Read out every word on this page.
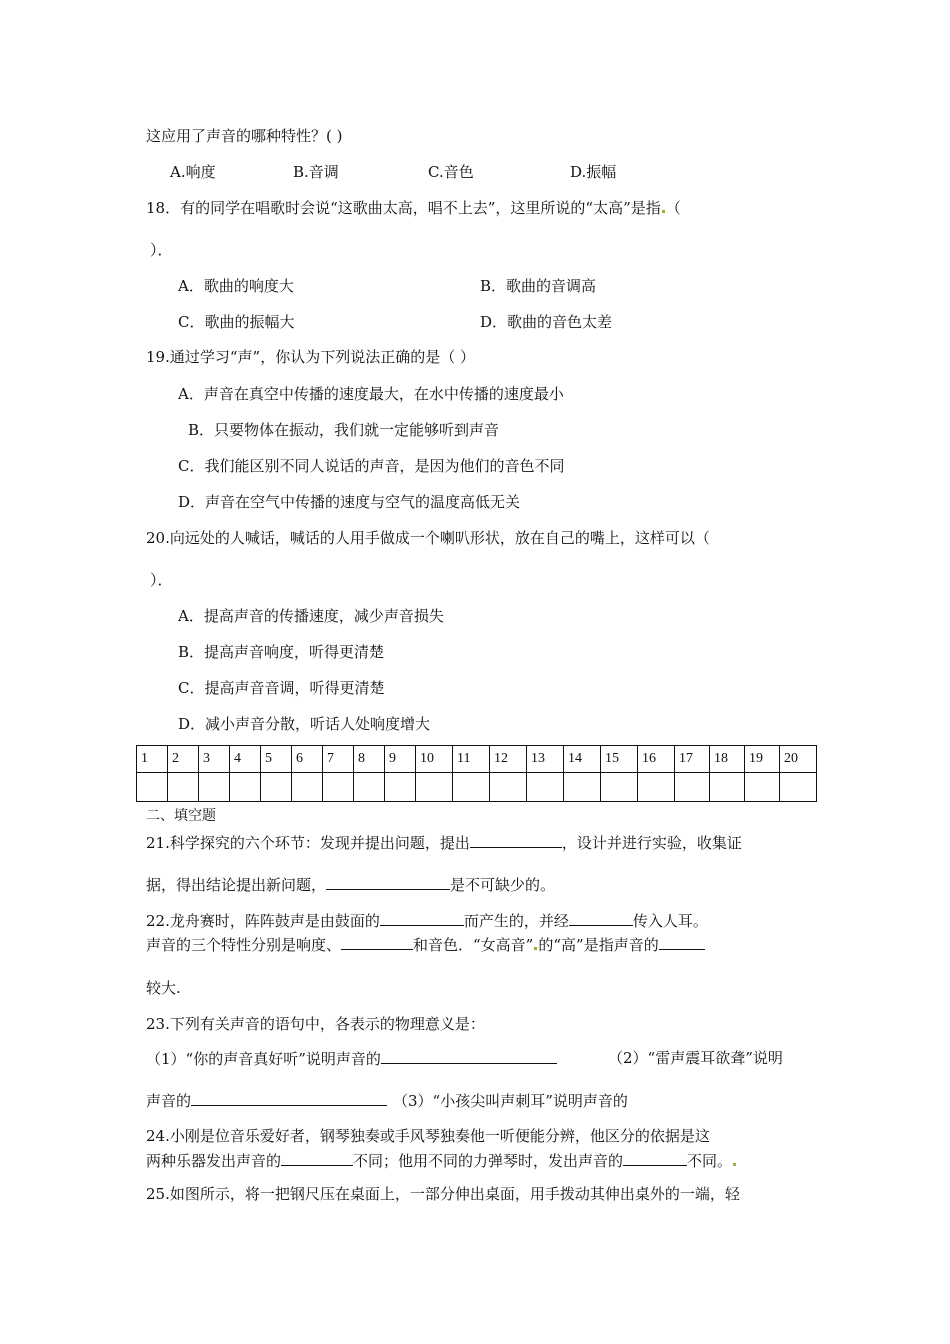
这应用了声音的哪种特性？( )
A.响度	B.音调	C.音色	D.振幅
18．有的同学在唱歌时会说“这歌曲太高，唱不上去”，这里所说的“太高”是指 （
）．
A．歌曲的响度大	B．歌曲的音调高
C．歌曲的振幅大	D．歌曲的音色太差
19.通过学习“声”，你认为下列说法正确的是（ ）
A．声音在真空中传播的速度最大，在水中传播的速度最小
B．只要物体在振动，我们就一定能够听到声音
C．我们能区别不同人说话的声音，是因为他们的音色不同
D．声音在空气中传播的速度与空气的温度高低无关
20.向远处的人喊话，喊话的人用手做成一个喇叭形状，放在自己的嘴上，这样可以（
）．
A．提高声音的传播速度，减少声音损失
B．提高声音响度，听得更清楚
C．提高声音音调，听得更清楚
D．减小声音分散，听话人处响度增大
1	2	3	4	5	6	7	8	9	10	11	12	13	14	15	16	17	18	19	20

二、填空题
21.科学探究的六个环节：发现并提出问题，提出	，设计并进行实验，收集证
据，得出结论提出新问题，	是不可缺少的。
22.龙舟赛时，阵阵鼓声是由鼓面的	而产生的，并经	传入人耳。
声音的三个特性分别是响度、	和音色．“女高音” 的“高”是指声音的
较大.
23.下列有关声音的语句中，各表示的物理意义是：
（1）“你的声音真好听”说明声音的	（2）“雷声震耳欲聋”说明
声音的	（3）“小孩尖叫声刺耳”说明声音的
24.小刚是位音乐爱好者，钢琴独奏或手风琴独奏他一听便能分辨，他区分的依据是这
两种乐器发出声音的	不同；他用不同的力弹琴时，发出声音的	不同。
25.如图所示，将一把钢尺压在桌面上，一部分伸出桌面，用手拨动其伸出桌外的一端，轻
